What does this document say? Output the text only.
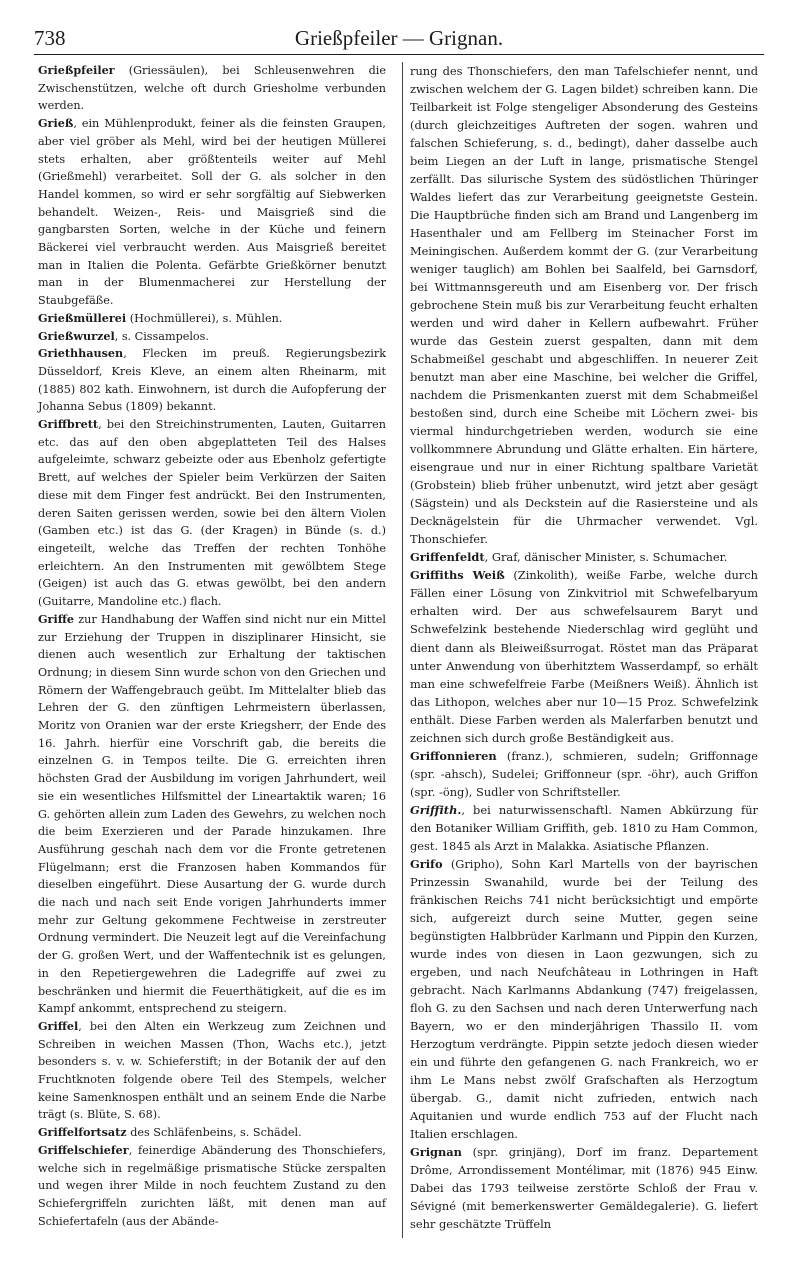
738	Grießpfeiler — Grignan.

Grießpfeiler (Griessäulen), bei Schleusenwehren die Zwischenstützen, welche oft durch Griesholme verbunden werden.

Grieß, ein Mühlenprodukt, feiner als die feinsten Graupen, aber viel gröber als Mehl, wird bei der heutigen Müllerei stets erhalten, aber größtenteils weiter auf Mehl (Grießmehl) verarbeitet. Soll der G. als solcher in den Handel kommen, so wird er sehr sorgfältig auf Siebwerken behandelt. Weizen-, Reis- und Maisgrieß sind die gangbarsten Sorten, welche in der Küche und feinern Bäckerei viel verbraucht werden. Aus Maisgrieß bereitet man in Italien die Polenta. Gefärbte Grießkörner benutzt man in der Blumenmacherei zur Herstellung der Staubgefäße.

Grießmüllerei (Hochmüllerei), s. Mühlen.

Grießwurzel, s. Cissampelos.

Griethhausen, Flecken im preuß. Regierungsbezirk Düsseldorf, Kreis Kleve, an einem alten Rheinarm, mit (1885) 802 kath. Einwohnern, ist durch die Aufopferung der Johanna Sebus (1809) bekannt.

Griffbrett, bei den Streichinstrumenten, Lauten, Guitarren etc. das auf den oben abgeplatteten Teil des Halses aufgeleimte, schwarz gebeizte oder aus Ebenholz gefertigte Brett, auf welches der Spieler beim Verkürzen der Saiten diese mit dem Finger fest andrückt. Bei den Instrumenten, deren Saiten gerissen werden, sowie bei den ältern Violen (Gamben etc.) ist das G. (der Kragen) in Bünde (s. d.) eingeteilt, welche das Treffen der rechten Tonhöhe erleichtern. An den Instrumenten mit gewölbtem Stege (Geigen) ist auch das G. etwas gewölbt, bei den andern (Guitarre, Mandoline etc.) flach.

Griffe zur Handhabung der Waffen sind nicht nur ein Mittel zur Erziehung der Truppen in disziplinarer Hinsicht, sie dienen auch wesentlich zur Erhaltung der taktischen Ordnung; in diesem Sinn wurde schon von den Griechen und Römern der Waffengebrauch geübt. Im Mittelalter blieb das Lehren der G. den zünftigen Lehrmeistern überlassen, Moritz von Oranien war der erste Kriegsherr, der Ende des 16. Jahrh. hierfür eine Vorschrift gab, die bereits die einzelnen G. in Tempos teilte. Die G. erreichten ihren höchsten Grad der Ausbildung im vorigen Jahrhundert, weil sie ein wesentliches Hilfsmittel der Lineartaktik waren; 16 G. gehörten allein zum Laden des Gewehrs, zu welchen noch die beim Exerzieren und der Parade hinzukamen. Ihre Ausführung geschah nach dem vor die Fronte getretenen Flügelmann; erst die Franzosen haben Kommandos für dieselben eingeführt. Diese Ausartung der G. wurde durch die nach und nach seit Ende vorigen Jahrhunderts immer mehr zur Geltung gekommene Fechtweise in zerstreuter Ordnung vermindert. Die Neuzeit legt auf die Vereinfachung der G. großen Wert, und der Waffentechnik ist es gelungen, in den Repetiergewehren die Ladegriffe auf zwei zu beschränken und hiermit die Feuerthätigkeit, auf die es im Kampf ankommt, entsprechend zu steigern.

Griffel, bei den Alten ein Werkzeug zum Zeichnen und Schreiben in weichen Massen (Thon, Wachs etc.), jetzt besonders s. v. w. Schieferstift; in der Botanik der auf den Fruchtknoten folgende obere Teil des Stempels, welcher keine Samenknospen enthält und an seinem Ende die Narbe trägt (s. Blüte, S. 68).

Griffelfortsatz des Schläfenbeins, s. Schädel.

Griffelschiefer, feinerdige Abänderung des Thonschiefers, welche sich in regelmäßige prismatische Stücke zerspalten und wegen ihrer Milde in noch feuchtem Zustand zu den Schiefergriffeln zurichten läßt, mit denen man auf Schiefertafeln (aus der Abände-

rung des Thonschiefers, den man Tafelschiefer nennt, und zwischen welchem der G. Lagen bildet) schreiben kann. Die Teilbarkeit ist Folge stengeliger Absonderung des Gesteins (durch gleichzeitiges Auftreten der sogen. wahren und falschen Schieferung, s. d., bedingt), daher dasselbe auch beim Liegen an der Luft in lange, prismatische Stengel zerfällt. Das silurische System des südöstlichen Thüringer Waldes liefert das zur Verarbeitung geeignetste Gestein. Die Hauptbrüche finden sich am Brand und Langenberg im Hasenthaler und am Fellberg im Steinacher Forst im Meiningischen. Außerdem kommt der G. (zur Verarbeitung weniger tauglich) am Bohlen bei Saalfeld, bei Garnsdorf, bei Wittmannsgereuth und am Eisenberg vor. Der frisch gebrochene Stein muß bis zur Verarbeitung feucht erhalten werden und wird daher in Kellern aufbewahrt. Früher wurde das Gestein zuerst gespalten, dann mit dem Schabmeißel geschabt und abgeschliffen. In neuerer Zeit benutzt man aber eine Maschine, bei welcher die Griffel, nachdem die Prismenkanten zuerst mit dem Schabmeißel bestoßen sind, durch eine Scheibe mit Löchern zwei- bis viermal hindurchgetrieben werden, wodurch sie eine vollkommnere Abrundung und Glätte erhalten. Ein härtere, eisengraue und nur in einer Richtung spaltbare Varietät (Grobstein) blieb früher unbenutzt, wird jetzt aber gesägt (Sägstein) und als Deckstein auf die Rasiersteine und als Decknägelstein für die Uhrmacher verwendet. Vgl. Thonschiefer.

Griffenfeldt, Graf, dänischer Minister, s. Schumacher.

Griffiths Weiß (Zinkolith), weiße Farbe, welche durch Fällen einer Lösung von Zinkvitriol mit Schwefelbaryum erhalten wird. Der aus schwefelsaurem Baryt und Schwefelzink bestehende Niederschlag wird geglüht und dient dann als Bleiweißsurrogat. Röstet man das Präparat unter Anwendung von überhitztem Wasserdampf, so erhält man eine schwefelfreie Farbe (Meißners Weiß). Ähnlich ist das Lithopon, welches aber nur 10—15 Proz. Schwefelzink enthält. Diese Farben werden als Malerfarben benutzt und zeichnen sich durch große Beständigkeit aus.

Griffonnieren (franz.), schmieren, sudeln; Griffonnage (spr. -ahsch), Sudelei; Griffonneur (spr. -öhr), auch Griffon (spr. -öng), Sudler von Schriftsteller.

Griffith., bei naturwissenschaftl. Namen Abkürzung für den Botaniker William Griffith, geb. 1810 zu Ham Common, gest. 1845 als Arzt in Malakka. Asiatische Pflanzen.

Grifo (Gripho), Sohn Karl Martells von der bayrischen Prinzessin Swanahild, wurde bei der Teilung des fränkischen Reichs 741 nicht berücksichtigt und empörte sich, aufgereizt durch seine Mutter, gegen seine begünstigten Halbbrüder Karlmann und Pippin den Kurzen, wurde indes von diesen in Laon gezwungen, sich zu ergeben, und nach Neufchâteau in Lothringen in Haft gebracht. Nach Karlmanns Abdankung (747) freigelassen, floh G. zu den Sachsen und nach deren Unterwerfung nach Bayern, wo er den minderjährigen Thassilo II. vom Herzogtum verdrängte. Pippin setzte jedoch diesen wieder ein und führte den gefangenen G. nach Frankreich, wo er ihm Le Mans nebst zwölf Grafschaften als Herzogtum übergab. G., damit nicht zufrieden, entwich nach Aquitanien und wurde endlich 753 auf der Flucht nach Italien erschlagen.

Grignan (spr. grinjäng), Dorf im franz. Departement Drôme, Arrondissement Montélimar, mit (1876) 945 Einw. Dabei das 1793 teilweise zerstörte Schloß der Frau v. Sévigné (mit bemerkenswerter Gemäldegalerie). G. liefert sehr geschätzte Trüffeln
